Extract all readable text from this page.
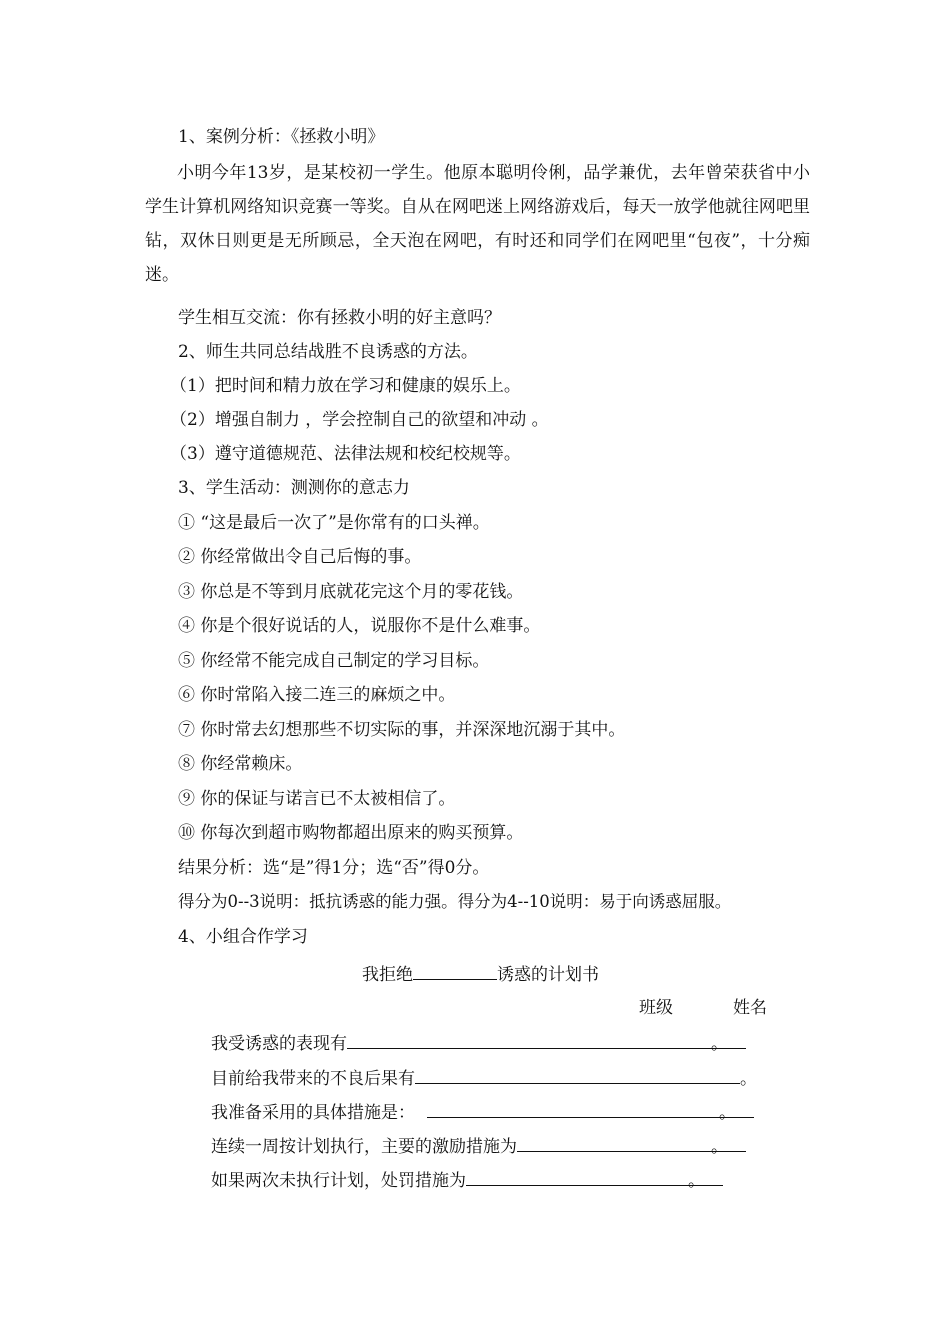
1、案例分析：《拯救小明》
小明今年13岁，是某校初一学生。他原本聪明伶俐，品学兼优，去年曾荣获省中小学生计算机网络知识竞赛一等奖。自从在网吧迷上网络游戏后，每天一放学他就往网吧里钻，双休日则更是无所顾忌，全天泡在网吧，有时还和同学们在网吧里“包夜”，十分痴迷。
学生相互交流：你有拯救小明的好主意吗？
2、师生共同总结战胜不良诱惑的方法。
（1）把时间和精力放在学习和健康的娱乐上。
（2）增强自制力 ，学会控制自己的欲望和冲动 。
（3）遵守道德规范、法律法规和校纪校规等。
3、学生活动：测测你的意志力
① “这是最后一次了”是你常有的口头禅。
② 你经常做出令自己后悔的事。
③ 你总是不等到月底就花完这个月的零花钱。
④ 你是个很好说话的人，说服你不是什么难事。
⑤ 你经常不能完成自己制定的学习目标。
⑥ 你时常陷入接二连三的麻烦之中。
⑦ 你时常去幻想那些不切实际的事，并深深地沉溺于其中。
⑧ 你经常赖床。
⑨ 你的保证与诺言已不太被相信了。
⑩ 你每次到超市购物都超出原来的购买预算。
结果分析：选“是”得1分；选“否”得0分。
得分为0--3说明：抵抗诱惑的能力强。得分为4--10说明：易于向诱惑屈服。
4、小组合作学习
我拒绝	诱惑的计划书
班级	姓名
我受诱惑的表现有	。
目前给我带来的不良后果有	。
我准备采用的具体措施是：	。
连续一周按计划执行，主要的激励措施为	。
如果两次未执行计划，处罚措施为	。
